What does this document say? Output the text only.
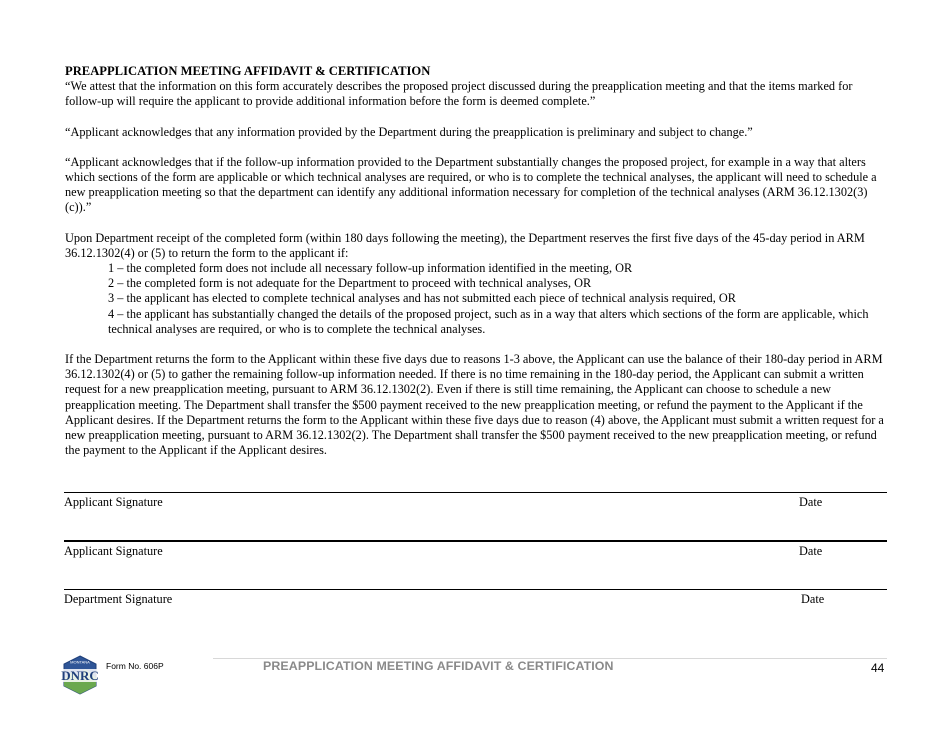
PREAPPLICATION MEETING AFFIDAVIT & CERTIFICATION

“We attest that the information on this form accurately describes the proposed project discussed during the preapplication meeting and that the items marked for follow-up will require the applicant to provide additional information before the form is deemed complete.”

“Applicant acknowledges that any information provided by the Department during the preapplication is preliminary and subject to change.”

“Applicant acknowledges that if the follow-up information provided to the Department substantially changes the proposed project, for example in a way that alters which sections of the form are applicable or which technical analyses are required, or who is to complete the technical analyses, the applicant will need to schedule a new preapplication meeting so that the department can identify any additional information necessary for completion of the technical analyses (ARM 36.12.1302(3)(c)).”

Upon Department receipt of the completed form (within 180 days following the meeting), the Department reserves the first five days of the 45-day period in ARM 36.12.1302(4) or (5) to return the form to the applicant if:

1 – the completed form does not include all necessary follow-up information identified in the meeting, OR
2 – the completed form is not adequate for the Department to proceed with technical analyses, OR
3 – the applicant has elected to complete technical analyses and has not submitted each piece of technical analysis required, OR
4 – the applicant has substantially changed the details of the proposed project, such as in a way that alters which sections of the form are applicable, which technical analyses are required, or who is to complete the technical analyses.

If the Department returns the form to the Applicant within these five days due to reasons 1-3 above, the Applicant can use the balance of their 180-day period in ARM 36.12.1302(4) or (5) to gather the remaining follow-up information needed. If there is no time remaining in the 180-day period, the Applicant can submit a written request for a new preapplication meeting, pursuant to ARM 36.12.1302(2). Even if there is still time remaining, the Applicant can choose to schedule a new preapplication meeting. The Department shall transfer the $500 payment received to the new preapplication meeting, or refund the payment to the Applicant if the Applicant desires. If the Department returns the form to the Applicant within these five days due to reason (4) above, the Applicant must submit a written request for a new preapplication meeting, pursuant to ARM 36.12.1302(2). The Department shall transfer the $500 payment received to the new preapplication meeting, or refund the payment to the Applicant if the Applicant desires.

Applicant Signature	Date
Applicant Signature	Date
Department Signature	Date
MONTANA
DNRC
Form No. 606P	PREAPPLICATION MEETING AFFIDAVIT & CERTIFICATION	44
